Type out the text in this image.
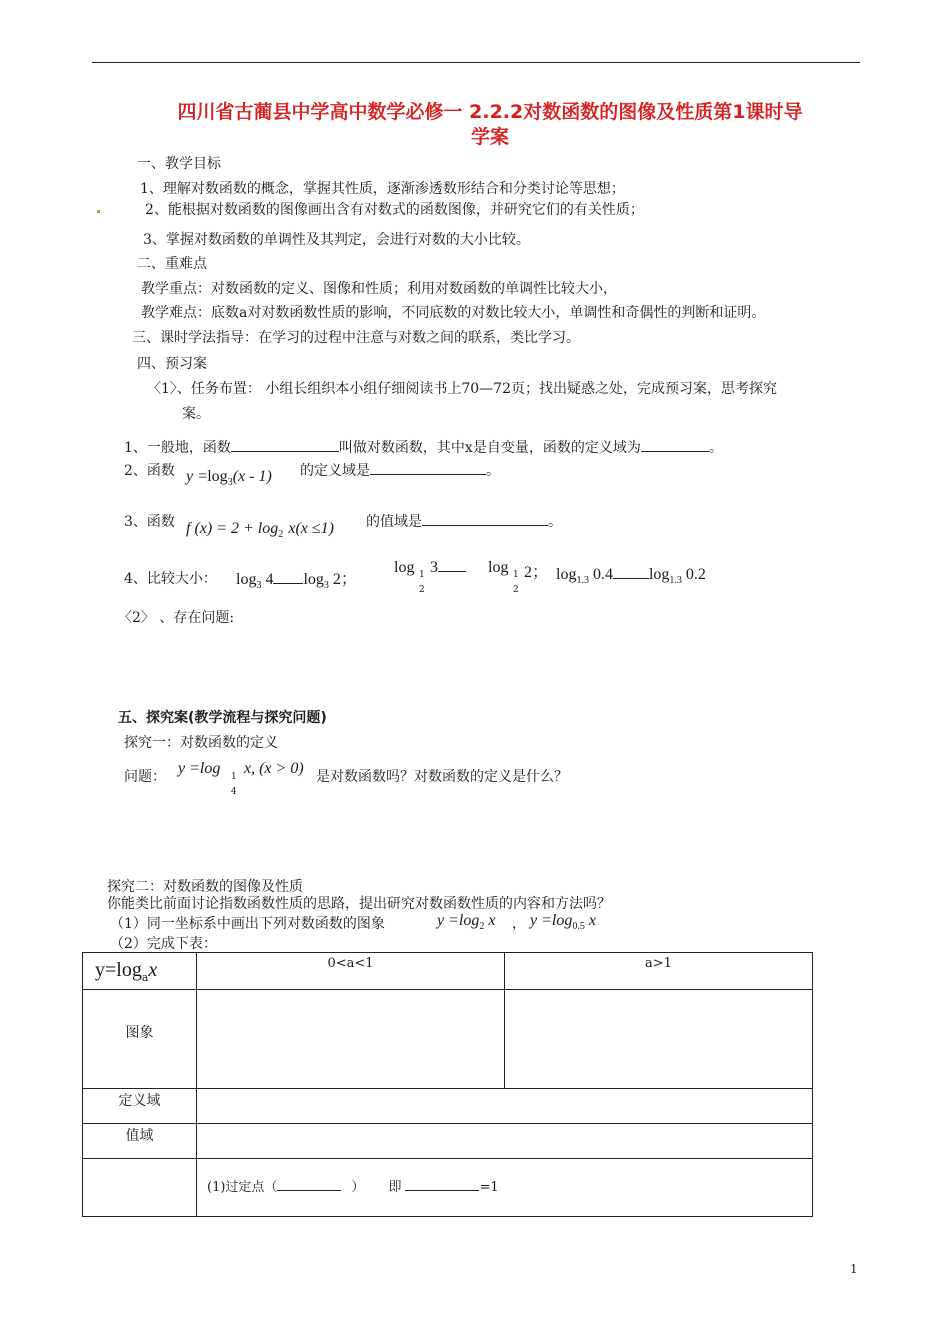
四川省古蔺县中学高中数学必修一 2.2.2对数函数的图像及性质第1课时导
学案
一、教学目标
1、理解对数函数的概念，掌握其性质，逐渐渗透数形结合和分类讨论等思想；
2、能根据对数函数的图像画出含有对数式的函数图像，并研究它们的有关性质；
3、掌握对数函数的单调性及其判定，会进行对数的大小比较。
二、重难点
教学重点：对数函数的定义、图像和性质；利用对数函数的单调性比较大小，
教学难点：底数a对对数函数性质的影响，不同底数的对数比较大小，单调性和奇偶性的判断和证明。
三、课时学法指导：在学习的过程中注意与对数之间的联系，类比学习。
四、预习案
〈1〉、任务布置： 小组长组织本小组仔细阅读书上70—72页；找出疑惑之处，完成预习案，思考探究
案。
1、一般地，函数	叫做对数函数，其中x是自变量，函数的定义域为	。
2、函数 $y =\log_3(x - 1)$ 的定义域是	。
3、函数 f $(x) = 2 + \log_2 x(x \le 1)$ 的值域是	。
4、比较大小： $\log_3 4$ $\log_3 2$；
log 1
2
3	log 1
2
2； $\log_{1.3} 0.4$ $\log_{1.3} 0.2$
〈2〉 、存在问题:
五、探究案(教学流程与探究问题)
探究一：对数函数的定义
问题： y =log 1
4
x, (x > 0) 是对数函数吗？对数函数的定义是什么？
探究二：对数函数的图像及性质
你能类比前面讨论指数函数性质的思路，提出研究对数函数性质的内容和方法吗？
（1）同一坐标系中画出下列对数函数的图象	$y =\log_2$ x ， $y =\log_{0.5}$ x
（2）完成下表：
$y=\log_ax$	0<a<1	a>1
图象		
定义域		
值域		
	(1)过定点（ ） 即 =1	
1
